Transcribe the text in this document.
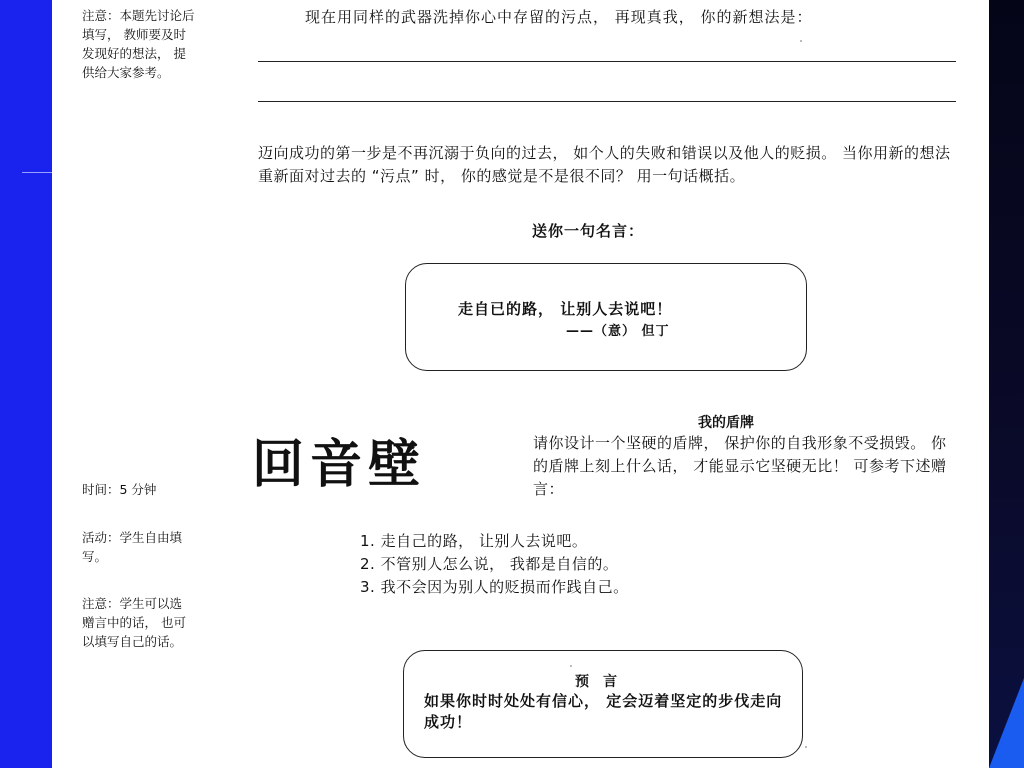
注意：本题先讨论后填写， 教师要及时发现好的想法， 提供给大家参考。
时间：5 分钟
活动：学生自由填写。
注意：学生可以选赠言中的话， 也可以填写自己的话。
现在用同样的武器洗掉你心中存留的污点， 再现真我， 你的新想法是：
迈向成功的第一步是不再沉溺于负向的过去， 如个人的失败和错误以及他人的贬损。 当你用新的想法重新面对过去的 “污点” 时， 你的感觉是不是很不同？ 用一句话概括。
送你一句名言：
走自已的路， 让别人去说吧！
——（意） 但丁
回音壁
我的盾牌
请你设计一个坚硬的盾牌， 保护你的自我形象不受损毁。 你的盾牌上刻上什么话， 才能显示它坚硬无比！ 可参考下述赠言：
1. 走自己的路， 让别人去说吧。
2. 不管别人怎么说， 我都是自信的。
3. 我不会因为别人的贬损而作践自己。
预言
如果你时时处处有信心， 定会迈着坚定的步伐走向成功！
